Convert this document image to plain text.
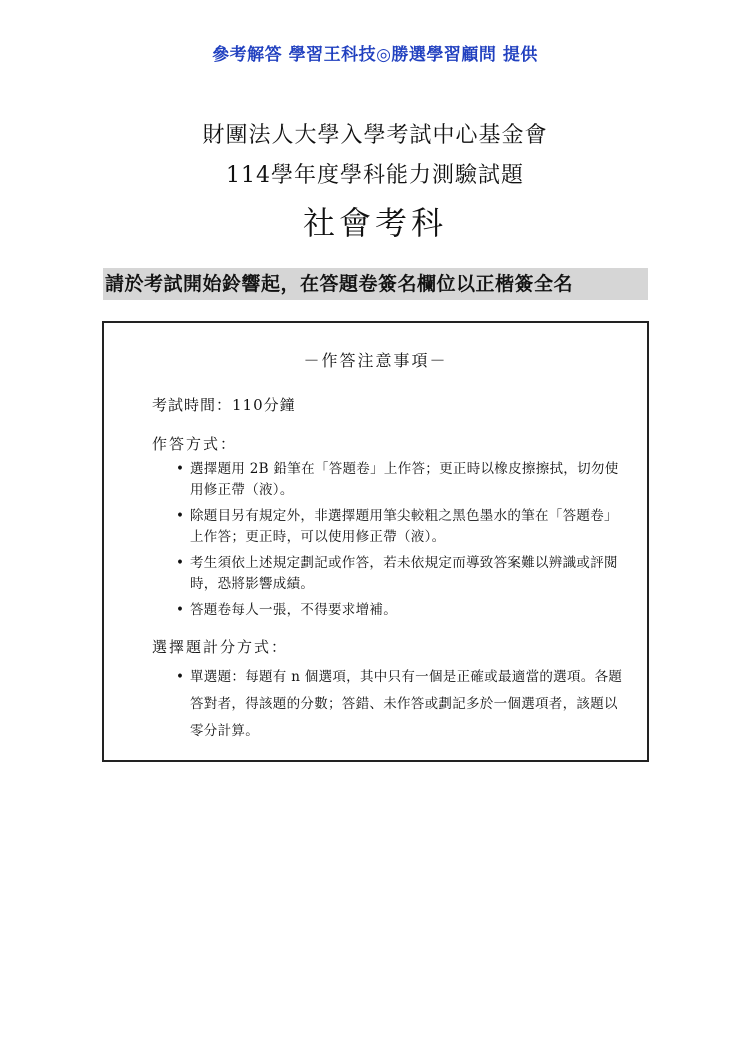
參考解答 學習王科技◎勝選學習顧問 提供
財團法人大學入學考試中心基金會
114學年度學科能力測驗試題
社會考科
請於考試開始鈴響起，在答題卷簽名欄位以正楷簽全名
－作答注意事項－
考試時間：110分鐘
作答方式：
• 選擇題用 2B 鉛筆在「答題卷」上作答；更正時以橡皮擦擦拭，切勿使用修正帶（液）。
• 除題目另有規定外，非選擇題用筆尖較粗之黑色墨水的筆在「答題卷」上作答；更正時，可以使用修正帶（液）。
• 考生須依上述規定劃記或作答，若未依規定而導致答案難以辨識或評閱時，恐將影響成績。
• 答題卷每人一張，不得要求增補。
選擇題計分方式：
• 單選題：每題有 n 個選項，其中只有一個是正確或最適當的選項。各題答對者，得該題的分數；答錯、未作答或劃記多於一個選項者，該題以零分計算。
